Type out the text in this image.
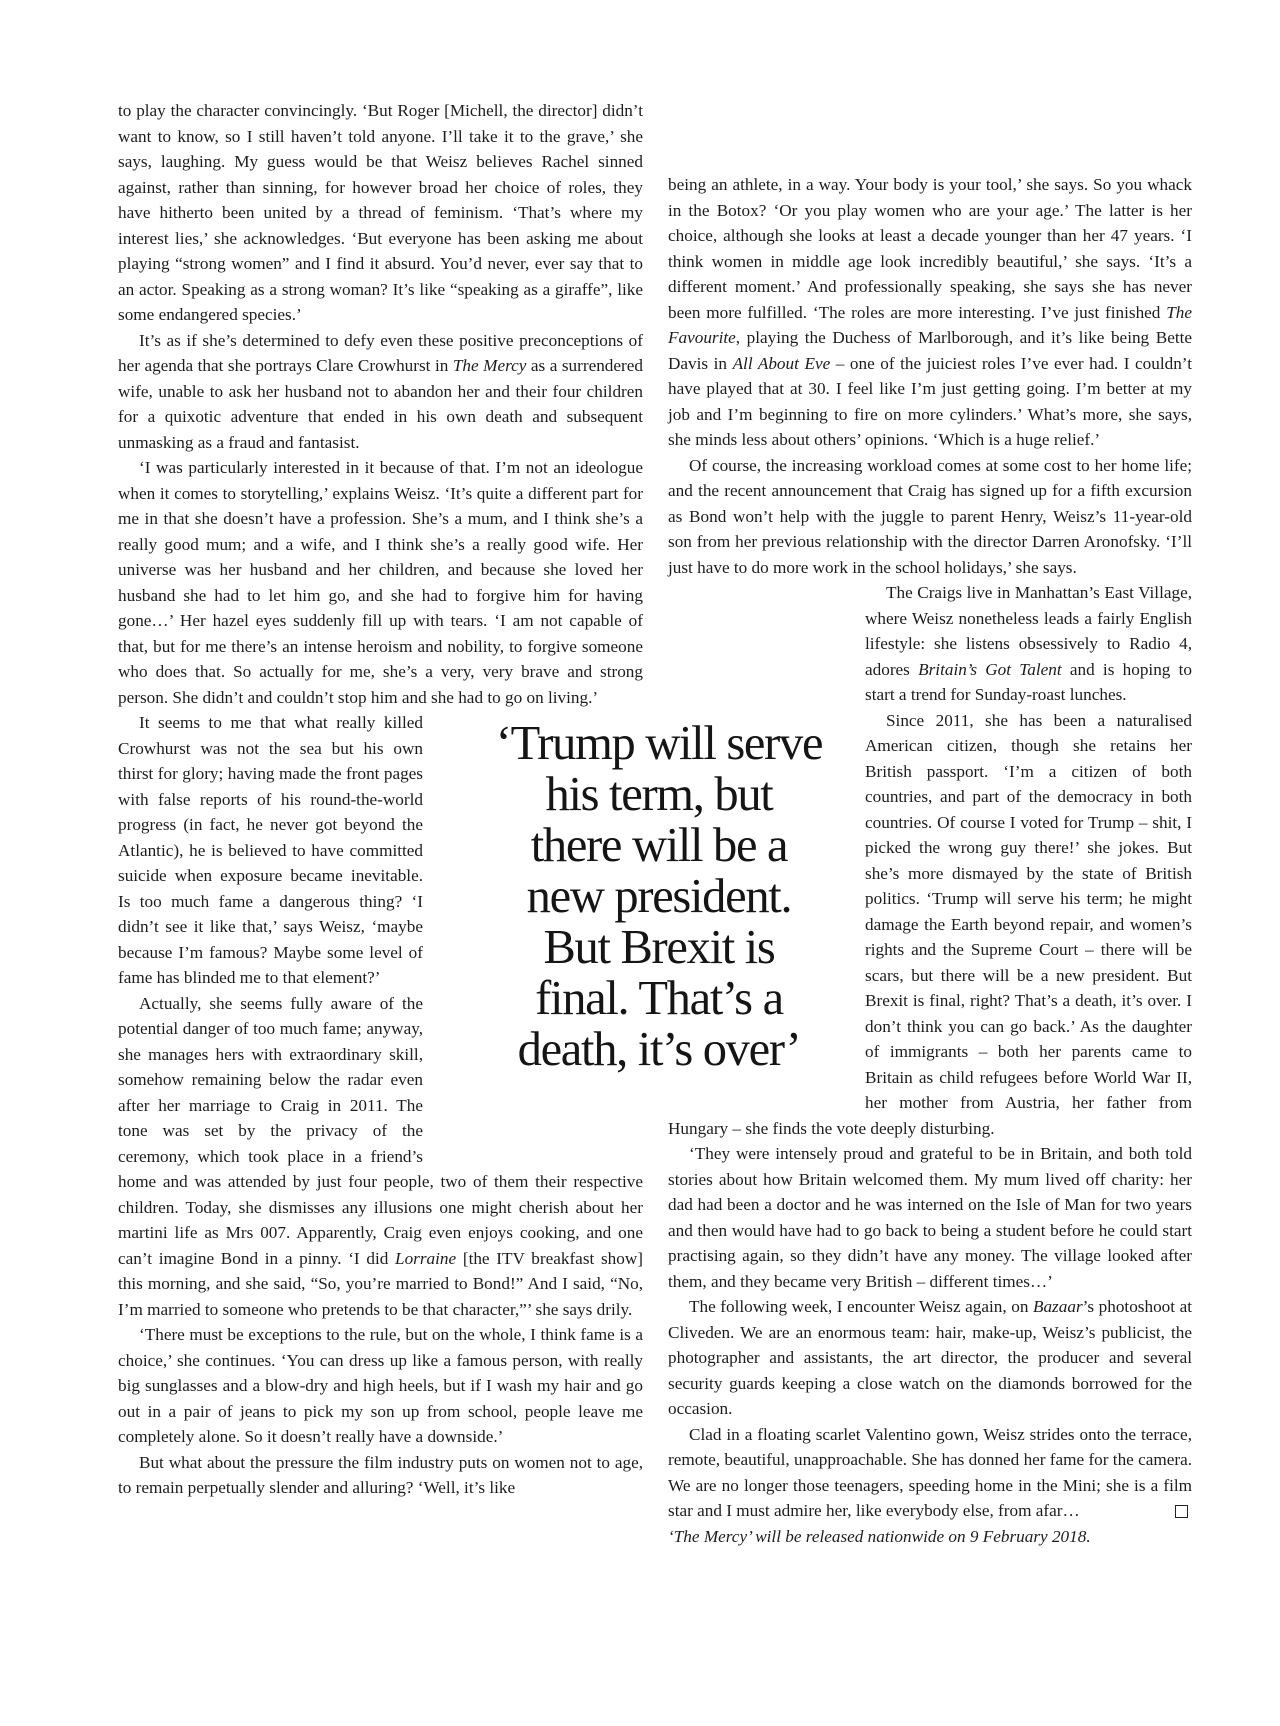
to play the character convincingly. ‘But Roger [Michell, the director] didn’t want to know, so I still haven’t told anyone. I’ll take it to the grave,’ she says, laughing. My guess would be that Weisz believes Rachel sinned against, rather than sinning, for however broad her choice of roles, they have hitherto been united by a thread of feminism. ‘That’s where my interest lies,’ she acknowledges. ‘But everyone has been asking me about playing “strong women” and I find it absurd. You’d never, ever say that to an actor. Speaking as a strong woman? It’s like “speaking as a giraffe”, like some endangered species.’

It’s as if she’s determined to defy even these positive preconceptions of her agenda that she portrays Clare Crowhurst in The Mercy as a surrendered wife, unable to ask her husband not to abandon her and their four children for a quixotic adventure that ended in his own death and subsequent unmasking as a fraud and fantasist.

‘I was particularly interested in it because of that. I’m not an ideologue when it comes to storytelling,’ explains Weisz. ‘It’s quite a different part for me in that she doesn’t have a profession. She’s a mum, and I think she’s a really good mum; and a wife, and I think she’s a really good wife. Her universe was her husband and her children, and because she loved her husband she had to let him go, and she had to forgive him for having gone…’ Her hazel eyes suddenly fill up with tears. ‘I am not capable of that, but for me there’s an intense heroism and nobility, to forgive someone who does that. So actually for me, she’s a very, very brave and strong person. She didn’t and couldn’t stop him and she had to go on living.’

It seems to me that what really killed Crowhurst was not the sea but his own thirst for glory; having made the front pages with false reports of his round-the-world progress (in fact, he never got beyond the Atlantic), he is believed to have committed suicide when exposure became inevitable. Is too much fame a dangerous thing? ‘I didn’t see it like that,’ says Weisz, ‘maybe because I’m famous? Maybe some level of fame has blinded me to that element?’

Actually, she seems fully aware of the potential danger of too much fame; anyway, she manages hers with extraordinary skill, somehow remaining below the radar even after her marriage to Craig in 2011. The tone was set by the privacy of the ceremony, which took place in a friend’s home and was attended by just four people, two of them their respective children. Today, she dismisses any illusions one might cherish about her martini life as Mrs 007. Apparently, Craig even enjoys cooking, and one can’t imagine Bond in a pinny. ‘I did Lorraine [the ITV breakfast show] this morning, and she said, “So, you’re married to Bond!” And I said, “No, I’m married to someone who pretends to be that character,”’ she says drily.

‘There must be exceptions to the rule, but on the whole, I think fame is a choice,’ she continues. ‘You can dress up like a famous person, with really big sunglasses and a blow-dry and high heels, but if I wash my hair and go out in a pair of jeans to pick my son up from school, people leave me completely alone. So it doesn’t really have a downside.’

But what about the pressure the film industry puts on women not to age, to remain perpetually slender and alluring? ‘Well, it’s like

being an athlete, in a way. Your body is your tool,’ she says. So you whack in the Botox? ‘Or you play women who are your age.’ The latter is her choice, although she looks at least a decade younger than her 47 years. ‘I think women in middle age look incredibly beautiful,’ she says. ‘It’s a different moment.’ And professionally speaking, she says she has never been more fulfilled. ‘The roles are more interesting. I’ve just finished The Favourite, playing the Duchess of Marlborough, and it’s like being Bette Davis in All About Eve – one of the juiciest roles I’ve ever had. I couldn’t have played that at 30. I feel like I’m just getting going. I’m better at my job and I’m beginning to fire on more cylinders.’ What’s more, she says, she minds less about others’ opinions. ‘Which is a huge relief.’

Of course, the increasing workload comes at some cost to her home life; and the recent announcement that Craig has signed up for a fifth excursion as Bond won’t help with the juggle to parent Henry, Weisz’s 11-year-old son from her previous relationship with the director Darren Aronofsky. ‘I’ll just have to do more work in the school holidays,’ she says.

The Craigs live in Manhattan’s East Village, where Weisz nonetheless leads a fairly English lifestyle: she listens obsessively to Radio 4, adores Britain’s Got Talent and is hoping to start a trend for Sunday-roast lunches.

Since 2011, she has been a naturalised American citizen, though she retains her British passport. ‘I’m a citizen of both countries, and part of the democracy in both countries. Of course I voted for Trump – shit, I picked the wrong guy there!’ she jokes. But she’s more dismayed by the state of British politics. ‘Trump will serve his term; he might damage the Earth beyond repair, and women’s rights and the Supreme Court – there will be scars, but there will be a new president. But Brexit is final, right? That’s a death, it’s over. I don’t think you can go back.’ As the daughter of immigrants – both her parents came to Britain as child refugees before World War II, her mother from Austria, her father from Hungary – she finds the vote deeply disturbing.

‘They were intensely proud and grateful to be in Britain, and both told stories about how Britain welcomed them. My mum lived off charity: her dad had been a doctor and he was interned on the Isle of Man for two years and then would have had to go back to being a student before he could start practising again, so they didn’t have any money. The village looked after them, and they became very British – different times…’

The following week, I encounter Weisz again, on Bazaar’s photoshoot at Cliveden. We are an enormous team: hair, make-up, Weisz’s publicist, the photographer and assistants, the art director, the producer and several security guards keeping a close watch on the diamonds borrowed for the occasion.

Clad in a floating scarlet Valentino gown, Weisz strides onto the terrace, remote, beautiful, unapproachable. She has donned her fame for the camera. We are no longer those teenagers, speeding home in the Mini; she is a film star and I must admire her, like everybody else, from afar…

‘The Mercy’ will be released nationwide on 9 February 2018.

‘Trump will serve his term, but there will be a new president. But Brexit is final. That’s a death, it’s over’
